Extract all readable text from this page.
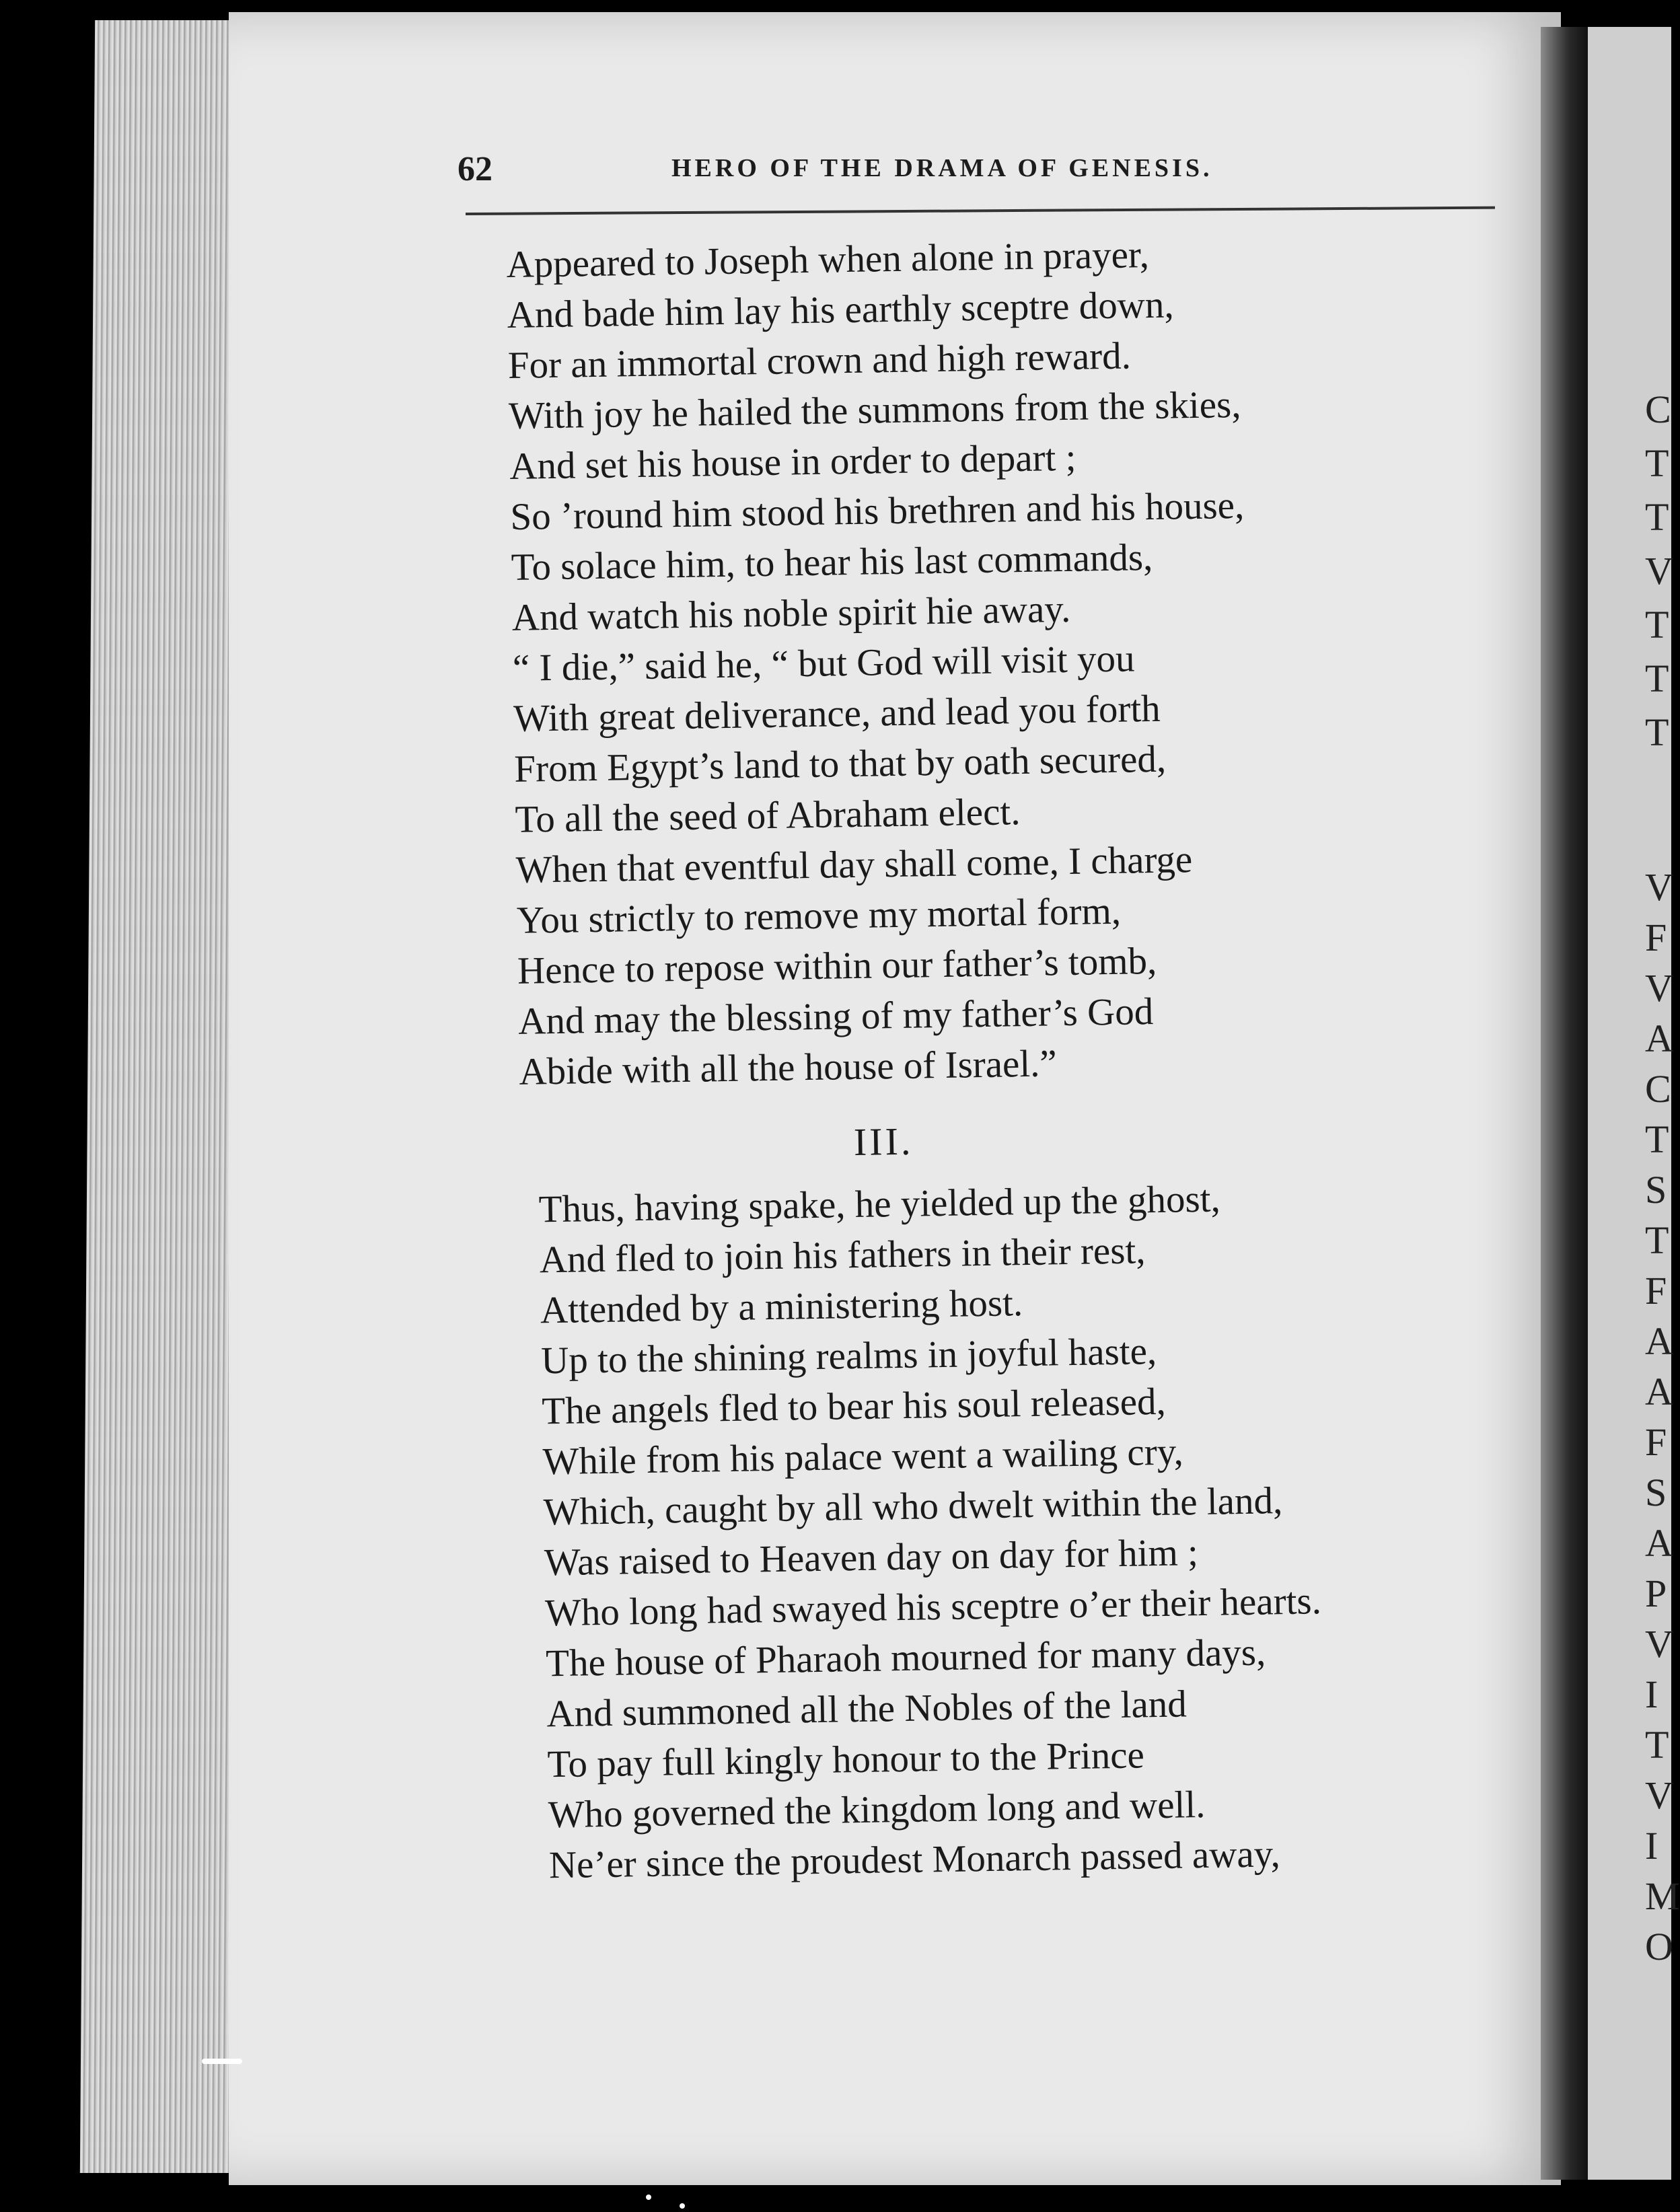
C
T
T
V
T
T
T
V
F
V
A
C
T
S
T
F
A
A
F
S
A
P
V
I
T
V
I
M
O
62	HERO OF THE DRAMA OF GENESIS.
Appeared to Joseph when alone in prayer,
And bade him lay his earthly sceptre down,
For an immortal crown and high reward.
With joy he hailed the summons from the skies,
And set his house in order to depart ;
So ’round him stood his brethren and his house,
To solace him, to hear his last commands,
And watch his noble spirit hie away.
“ I die,” said he, “ but God will visit you
With great deliverance, and lead you forth
From Egypt’s land to that by oath secured,
To all the seed of Abraham elect.
When that eventful day shall come, I charge
You strictly to remove my mortal form,
Hence to repose within our father’s tomb,
And may the blessing of my father’s God
Abide with all the house of Israel.”
III.
Thus, having spake, he yielded up the ghost,
And fled to join his fathers in their rest,
Attended by a ministering host.
Up to the shining realms in joyful haste,
The angels fled to bear his soul released,
While from his palace went a wailing cry,
Which, caught by all who dwelt within the land,
Was raised to Heaven day on day for him ;
Who long had swayed his sceptre o’er their hearts.
The house of Pharaoh mourned for many days,
And summoned all the Nobles of the land
To pay full kingly honour to the Prince
Who governed the kingdom long and well.
Ne’er since the proudest Monarch passed away,
